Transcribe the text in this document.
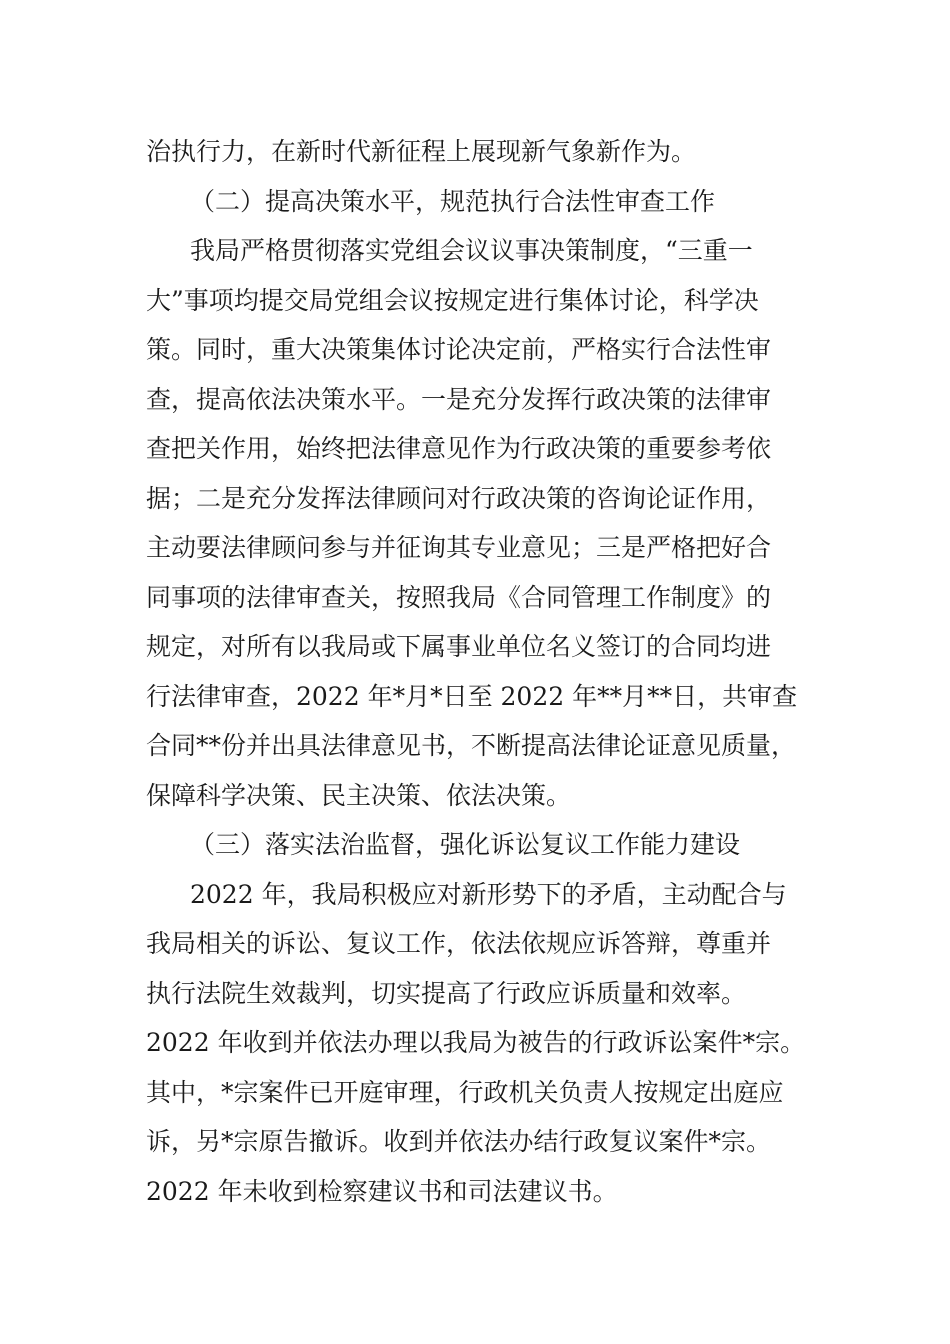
治执行力，在新时代新征程上展现新气象新作为。
（二）提高决策水平，规范执行合法性审查工作
我局严格贯彻落实党组会议议事决策制度，“三重一
大”事项均提交局党组会议按规定进行集体讨论，科学决
策。同时，重大决策集体讨论决定前，严格实行合法性审
查，提高依法决策水平。一是充分发挥行政决策的法律审
查把关作用，始终把法律意见作为行政决策的重要参考依
据；二是充分发挥法律顾问对行政决策的咨询论证作用，
主动要法律顾问参与并征询其专业意见；三是严格把好合
同事项的法律审查关，按照我局《合同管理工作制度》的
规定，对所有以我局或下属事业单位名义签订的合同均进
行法律审查，2022 年*月*日至 2022 年**月**日，共审查
合同**份并出具法律意见书，不断提高法律论证意见质量，
保障科学决策、民主决策、依法决策。
（三）落实法治监督，强化诉讼复议工作能力建设
2022 年，我局积极应对新形势下的矛盾，主动配合与
我局相关的诉讼、复议工作，依法依规应诉答辩，尊重并
执行法院生效裁判，切实提高了行政应诉质量和效率。
2022 年收到并依法办理以我局为被告的行政诉讼案件*宗。
其中，*宗案件已开庭审理，行政机关负责人按规定出庭应
诉，另*宗原告撤诉。收到并依法办结行政复议案件*宗。
2022 年未收到检察建议书和司法建议书。
